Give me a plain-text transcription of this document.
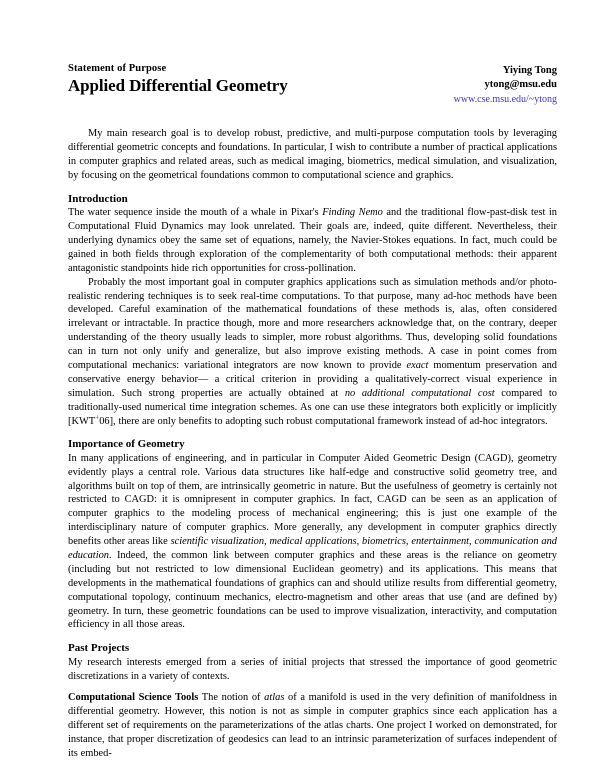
Statement of Purpose
Applied Differential Geometry
Yiying Tong
ytong@msu.edu
www.cse.msu.edu/~ytong

My main research goal is to develop robust, predictive, and multi-purpose computation tools by leveraging differential geometric concepts and foundations. In particular, I wish to contribute a number of practical applications in computer graphics and related areas, such as medical imaging, biometrics, medical simulation, and visualization, by focusing on the geometrical foundations common to computational science and graphics.

Introduction

The water sequence inside the mouth of a whale in Pixar's Finding Nemo and the traditional flow-past-disk test in Computational Fluid Dynamics may look unrelated. Their goals are, indeed, quite different. Nevertheless, their underlying dynamics obey the same set of equations, namely, the Navier-Stokes equations. In fact, much could be gained in both fields through exploration of the complementarity of both computational methods: their apparent antagonistic standpoints hide rich opportunities for cross-pollination.

Probably the most important goal in computer graphics applications such as simulation methods and/or photo-realistic rendering techniques is to seek real-time computations. To that purpose, many ad-hoc methods have been developed. Careful examination of the mathematical foundations of these methods is, alas, often considered irrelevant or intractable. In practice though, more and more researchers acknowledge that, on the contrary, deeper understanding of the theory usually leads to simpler, more robust algorithms. Thus, developing solid foundations can in turn not only unify and generalize, but also improve existing methods. A case in point comes from computational mechanics: variational integrators are now known to provide exact momentum preservation and conservative energy behavior— a critical criterion in providing a qualitatively-correct visual experience in simulation. Such strong properties are actually obtained at no additional computational cost compared to traditionally-used numerical time integration schemes. As one can use these integrators both explicitly or implicitly [KWT+06], there are only benefits to adopting such robust computational framework instead of ad-hoc integrators.

Importance of Geometry

In many applications of engineering, and in particular in Computer Aided Geometric Design (CAGD), geometry evidently plays a central role. Various data structures like half-edge and constructive solid geometry tree, and algorithms built on top of them, are intrinsically geometric in nature. But the usefulness of geometry is certainly not restricted to CAGD: it is omnipresent in computer graphics. In fact, CAGD can be seen as an application of computer graphics to the modeling process of mechanical engineering; this is just one example of the interdisciplinary nature of computer graphics. More generally, any development in computer graphics directly benefits other areas like scientific visualization, medical applications, biometrics, entertainment, communication and education. Indeed, the common link between computer graphics and these areas is the reliance on geometry (including but not restricted to low dimensional Euclidean geometry) and its applications. This means that developments in the mathematical foundations of graphics can and should utilize results from differential geometry, computational topology, continuum mechanics, electro-magnetism and other areas that use (and are defined by) geometry. In turn, these geometric foundations can be used to improve visualization, interactivity, and computation efficiency in all those areas.

Past Projects

My research interests emerged from a series of initial projects that stressed the importance of good geometric discretizations in a variety of contexts.

Computational Science Tools The notion of atlas of a manifold is used in the very definition of manifoldness in differential geometry. However, this notion is not as simple in computer graphics since each application has a different set of requirements on the parameterizations of the atlas charts. One project I worked on demonstrated, for instance, that proper discretization of geodesics can lead to an intrinsic parameterization of surfaces independent of its embed-
